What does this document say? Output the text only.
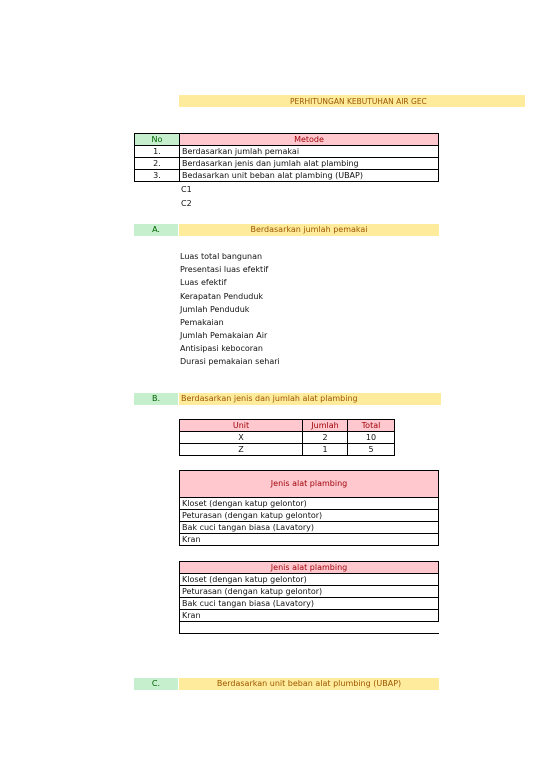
PERHITUNGAN KEBUTUHAN AIR GEC
No	Metode
1.	Berdasarkan jumlah pemakai
2.	Berdasarkan jenis dan jumlah alat plambing
3.	Bedasarkan unit beban alat plambing (UBAP)
C1
C2
A.	Berdasarkan jumlah pemakai
Luas total bangunan
Presentasi luas efektif
Luas efektif
Kerapatan Penduduk
Jumlah Penduduk
Pemakaian
Jumlah Pemakaian Air
Antisipasi kebocoran
Durasi pemakaian sehari
B.	Berdasarkan jenis dan jumlah alat plambing
Unit	Jumlah	Total
X	2	10
Z	1	5
Jenis alat plambing
Kloset (dengan katup gelontor)
Peturasan (dengan katup gelontor)
Bak cuci tangan biasa (Lavatory)
Kran
Jenis alat plambing
Kloset (dengan katup gelontor)
Peturasan (dengan katup gelontor)
Bak cuci tangan biasa (Lavatory)
Kran

C.	Berdasarkan unit beban alat plumbing (UBAP)
